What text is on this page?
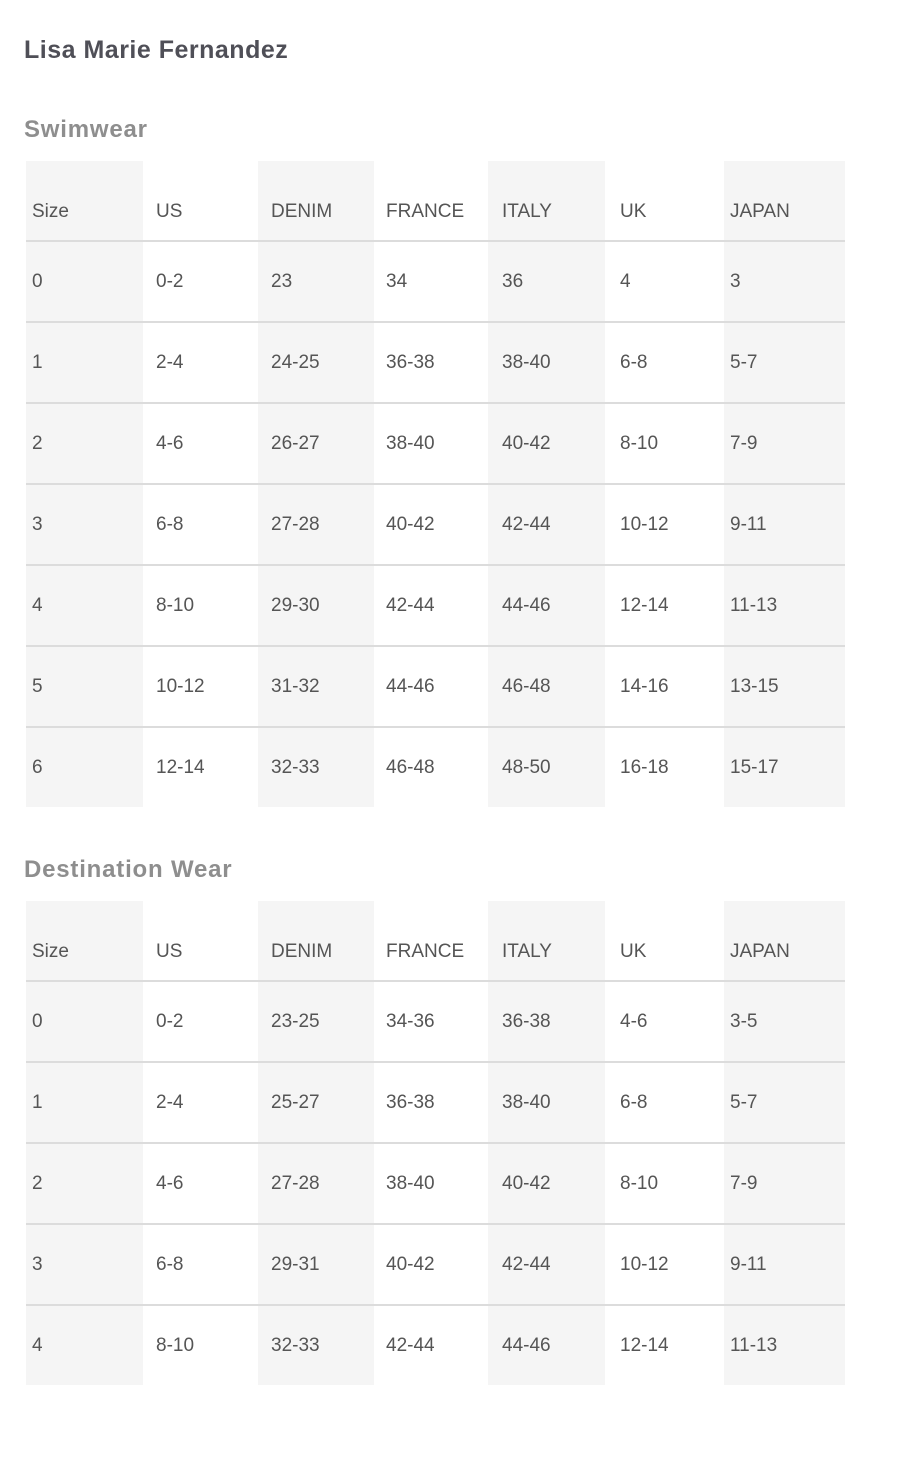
Lisa Marie Fernandez
Swimwear
Size	US	DENIM	FRANCE	ITALY	UK	JAPAN
0	0-2	23	34	36	4	3
1	2-4	24-25	36-38	38-40	6-8	5-7
2	4-6	26-27	38-40	40-42	8-10	7-9
3	6-8	27-28	40-42	42-44	10-12	9-11
4	8-10	29-30	42-44	44-46	12-14	11-13
5	10-12	31-32	44-46	46-48	14-16	13-15
6	12-14	32-33	46-48	48-50	16-18	15-17
Destination Wear
Size	US	DENIM	FRANCE	ITALY	UK	JAPAN
0	0-2	23-25	34-36	36-38	4-6	3-5
1	2-4	25-27	36-38	38-40	6-8	5-7
2	4-6	27-28	38-40	40-42	8-10	7-9
3	6-8	29-31	40-42	42-44	10-12	9-11
4	8-10	32-33	42-44	44-46	12-14	11-13
